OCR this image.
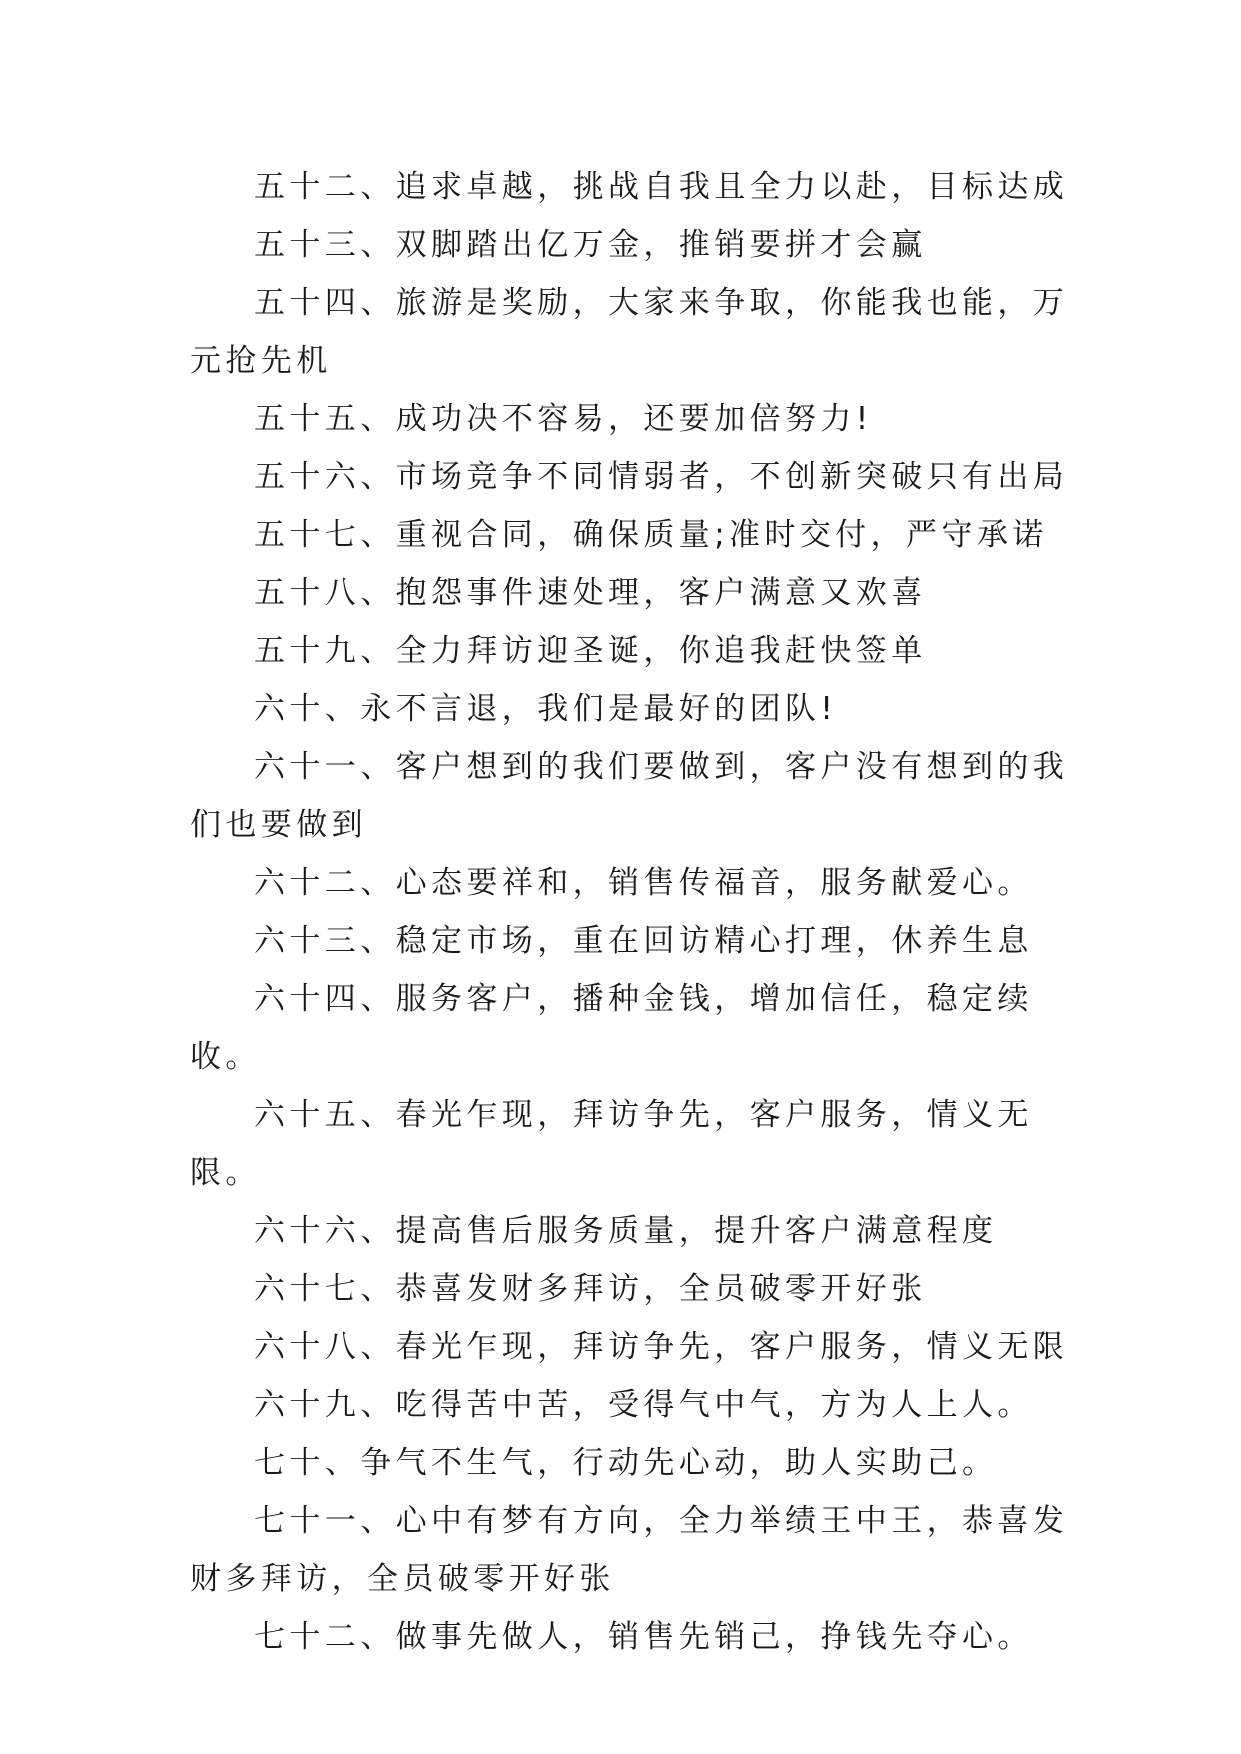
五十二、追求卓越，挑战自我且全力以赴，目标达成

五十三、双脚踏出亿万金，推销要拼才会赢

五十四、旅游是奖励，大家来争取，你能我也能，万元抢先机

五十五、成功决不容易，还要加倍努力!

五十六、市场竞争不同情弱者，不创新突破只有出局

五十七、重视合同，确保质量;准时交付，严守承诺

五十八、抱怨事件速处理，客户满意又欢喜

五十九、全力拜访迎圣诞，你追我赶快签单

六十、永不言退，我们是最好的团队!

六十一、客户想到的我们要做到，客户没有想到的我们也要做到

六十二、心态要祥和，销售传福音，服务献爱心。

六十三、稳定市场，重在回访精心打理，休养生息

六十四、服务客户，播种金钱，增加信任，稳定续收。

六十五、春光乍现，拜访争先，客户服务，情义无限。

六十六、提高售后服务质量，提升客户满意程度

六十七、恭喜发财多拜访，全员破零开好张

六十八、春光乍现，拜访争先，客户服务，情义无限

六十九、吃得苦中苦，受得气中气，方为人上人。

七十、争气不生气，行动先心动，助人实助己。

七十一、心中有梦有方向，全力举绩王中王，恭喜发财多拜访，全员破零开好张

七十二、做事先做人，销售先销己，挣钱先夺心。
